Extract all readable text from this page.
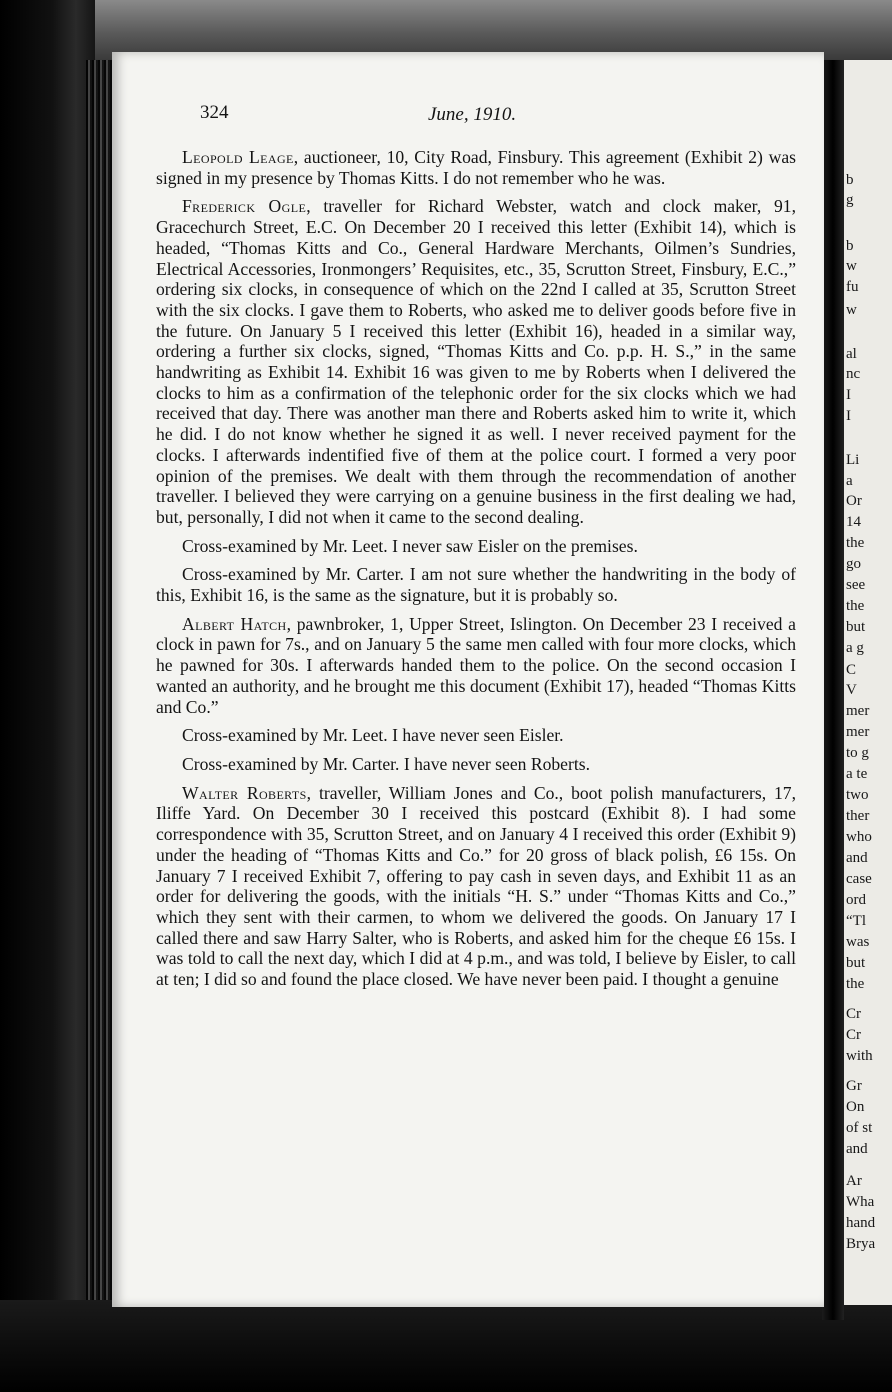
324	June, 1910.

Leopold Leage, auctioneer, 10, City Road, Finsbury. This agreement (Exhibit 2) was signed in my presence by Thomas Kitts. I do not remember who he was.

Frederick Ogle, traveller for Richard Webster, watch and clock maker, 91, Gracechurch Street, E.C. On December 20 I received this letter (Exhibit 14), which is headed, “Thomas Kitts and Co., General Hardware Merchants, Oilmen’s Sundries, Electrical Accessories, Ironmongers’ Requisites, etc., 35, Scrutton Street, Finsbury, E.C.,” ordering six clocks, in consequence of which on the 22nd I called at 35, Scrutton Street with the six clocks. I gave them to Roberts, who asked me to deliver goods before five in the future. On January 5 I received this letter (Exhibit 16), headed in a similar way, ordering a further six clocks, signed, “Thomas Kitts and Co. p.p. H. S.,” in the same handwriting as Exhibit 14. Exhibit 16 was given to me by Roberts when I delivered the clocks to him as a confirmation of the telephonic order for the six clocks which we had received that day. There was another man there and Roberts asked him to write it, which he did. I do not know whether he signed it as well. I never received payment for the clocks. I afterwards indentified five of them at the police court. I formed a very poor opinion of the premises. We dealt with them through the recommendation of another traveller. I believed they were carrying on a genuine business in the first dealing we had, but, personally, I did not when it came to the second dealing.

Cross-examined by Mr. Leet. I never saw Eisler on the premises.

Cross-examined by Mr. Carter. I am not sure whether the handwriting in the body of this, Exhibit 16, is the same as the signature, but it is probably so.

Albert Hatch, pawnbroker, 1, Upper Street, Islington. On December 23 I received a clock in pawn for 7s., and on January 5 the same men called with four more clocks, which he pawned for 30s. I afterwards handed them to the police. On the second occasion I wanted an authority, and he brought me this document (Exhibit 17), headed “Thomas Kitts and Co.”

Cross-examined by Mr. Leet. I have never seen Eisler.

Cross-examined by Mr. Carter. I have never seen Roberts.

Walter Roberts, traveller, William Jones and Co., boot polish manufacturers, 17, Iliffe Yard. On December 30 I received this postcard (Exhibit 8). I had some correspondence with 35, Scrutton Street, and on January 4 I received this order (Exhibit 9) under the heading of “Thomas Kitts and Co.” for 20 gross of black polish, £6 15s. On January 7 I received Exhibit 7, offering to pay cash in seven days, and Exhibit 11 as an order for delivering the goods, with the initials “H. S.” under “Thomas Kitts and Co.,” which they sent with their carmen, to whom we delivered the goods. On January 17 I called there and saw Harry Salter, who is Roberts, and asked him for the cheque £6 15s. I was told to call the next day, which I did at 4 p.m., and was told, I believe by Eisler, to call at ten; I did so and found the place closed. We have never been paid. I thought a genuine

b
g
b
w
fu
w
al
nc
I
I
Li
a
Or
14
the
go
see
the
but
a g
C
V
mer
mer
to g
a te
two
ther
who
and
case
ord
“Tl
was
but
the
Cr
Cr
with
Gr
On
of st
and
Ar
Wha
hand
Brya
